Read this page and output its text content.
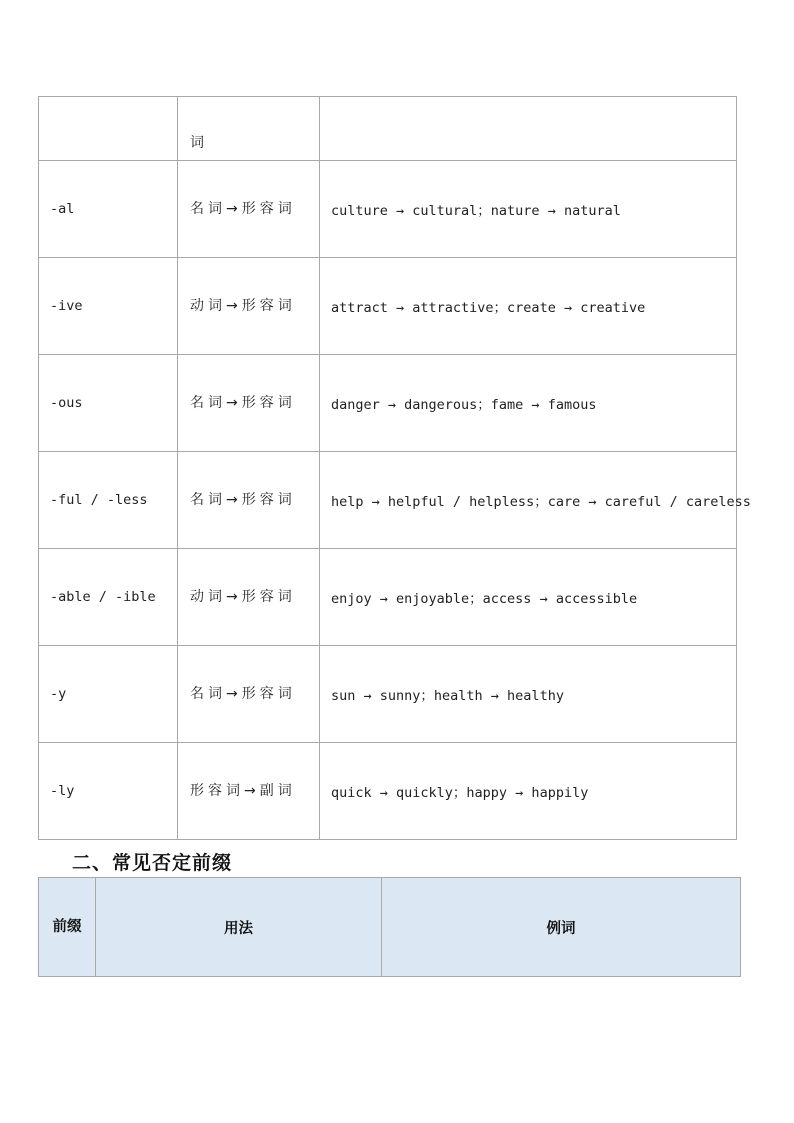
	词	
-al	名词→形容词	culture → cultural；nature → natural
-ive	动词→形容词	attract → attractive；create → creative
-ous	名词→形容词	danger → dangerous；fame → famous
-ful / -less	名词→形容词	help → helpful / helpless；care → careful / careless
-able / -ible	动词→形容词	enjoy → enjoyable；access → accessible
-y	名词→形容词	sun → sunny；health → healthy
-ly	形容词→副词	quick → quickly；happy → happily
二、常见否定前缀
前缀	用法	例词
